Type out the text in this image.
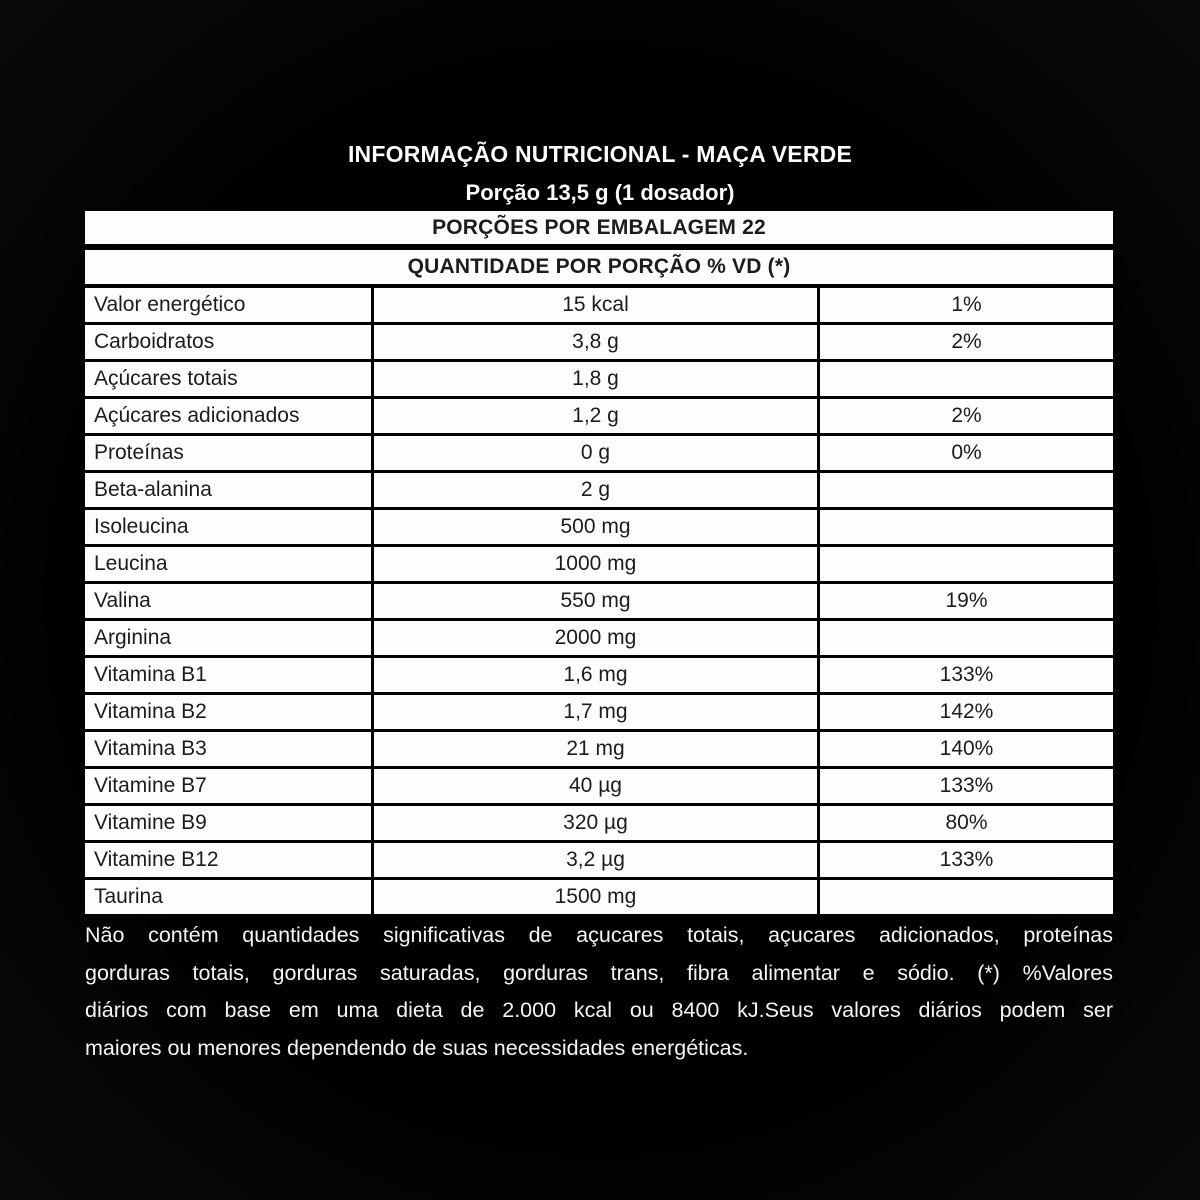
INFORMAÇÃO NUTRICIONAL - MAÇA VERDE
Porção 13,5 g (1 dosador)
PORÇÕES POR EMBALAGEM 22
QUANTIDADE POR PORÇÃO % VD (*)
Valor energético	15 kcal	1%
Carboidratos	3,8 g	2%
Açúcares totais	1,8 g
Açúcares adicionados	1,2 g	2%
Proteínas	0 g	0%
Beta-alanina	2 g
Isoleucina	500 mg
Leucina	1000 mg
Valina	550 mg	19%
Arginina	2000 mg
Vitamina B1	1,6 mg	133%
Vitamina B2	1,7 mg	142%
Vitamina B3	21 mg	140%
Vitamine B7	40 µg	133%
Vitamine B9	320 µg	80%
Vitamine B12	3,2 µg	133%
Taurina	1500 mg
Não contém quantidades significativas de açucares totais, açucares adicionados, proteínas
gorduras totais, gorduras saturadas, gorduras trans, fibra alimentar e sódio. (*) %Valores
diários com base em uma dieta de 2.000 kcal ou 8400 kJ.Seus valores diários podem ser
maiores ou menores dependendo de suas necessidades energéticas.
